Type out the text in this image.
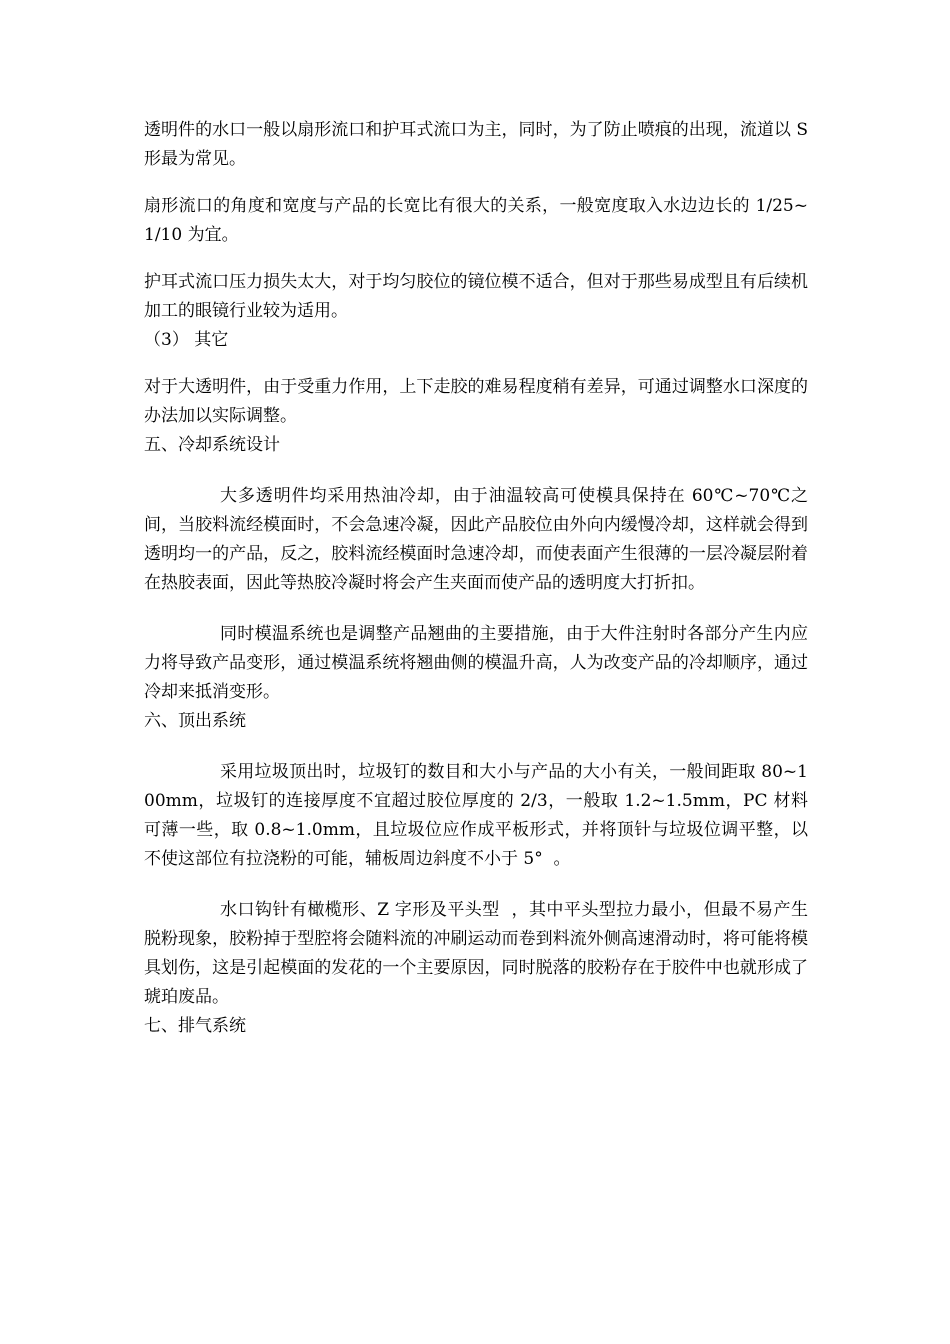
透明件的水口一般以扇形流口和护耳式流口为主，同时，为了防止喷痕的出现，流道以 S 形最为常见。

扇形流口的角度和宽度与产品的长宽比有很大的关系，一般宽度取入水边边长的 1/25~1/10 为宜。

护耳式流口压力损失太大，对于均匀胶位的镜位模不适合，但对于那些易成型且有后续机加工的眼镜行业较为适用。

（3） 其它

对于大透明件，由于受重力作用，上下走胶的难易程度稍有差异，可通过调整水口深度的办法加以实际调整。

五、冷却系统设计

大多透明件均采用热油冷却，由于油温较高可使模具保持在 60℃~70℃之间，当胶料流经模面时，不会急速冷凝，因此产品胶位由外向内缓慢冷却，这样就会得到透明均一的产品，反之，胶料流经模面时急速冷却，而使表面产生很薄的一层冷凝层附着在热胶表面，因此等热胶冷凝时将会产生夹面而使产品的透明度大打折扣。

同时模温系统也是调整产品翘曲的主要措施，由于大件注射时各部分产生内应力将导致产品变形，通过模温系统将翘曲侧的模温升高，人为改变产品的冷却顺序，通过冷却来抵消变形。

六、顶出系统

采用垃圾顶出时，垃圾钉的数目和大小与产品的大小有关，一般间距取 80~100mm，垃圾钉的连接厚度不宜超过胶位厚度的 2/3，一般取 1.2~1.5mm，PC 材料可薄一些，取 0.8~1.0mm，且垃圾位应作成平板形式，并将顶针与垃圾位调平整，以不使这部位有拉浇粉的可能，辅板周边斜度不小于 5°  。

水口钩针有橄榄形、Z 字形及平头型  ，其中平头型拉力最小，但最不易产生脱粉现象，胶粉掉于型腔将会随料流的冲刷运动而卷到料流外侧高速滑动时，将可能将模具划伤，这是引起模面的发花的一个主要原因，同时脱落的胶粉存在于胶件中也就形成了琥珀废品。

七、排气系统
